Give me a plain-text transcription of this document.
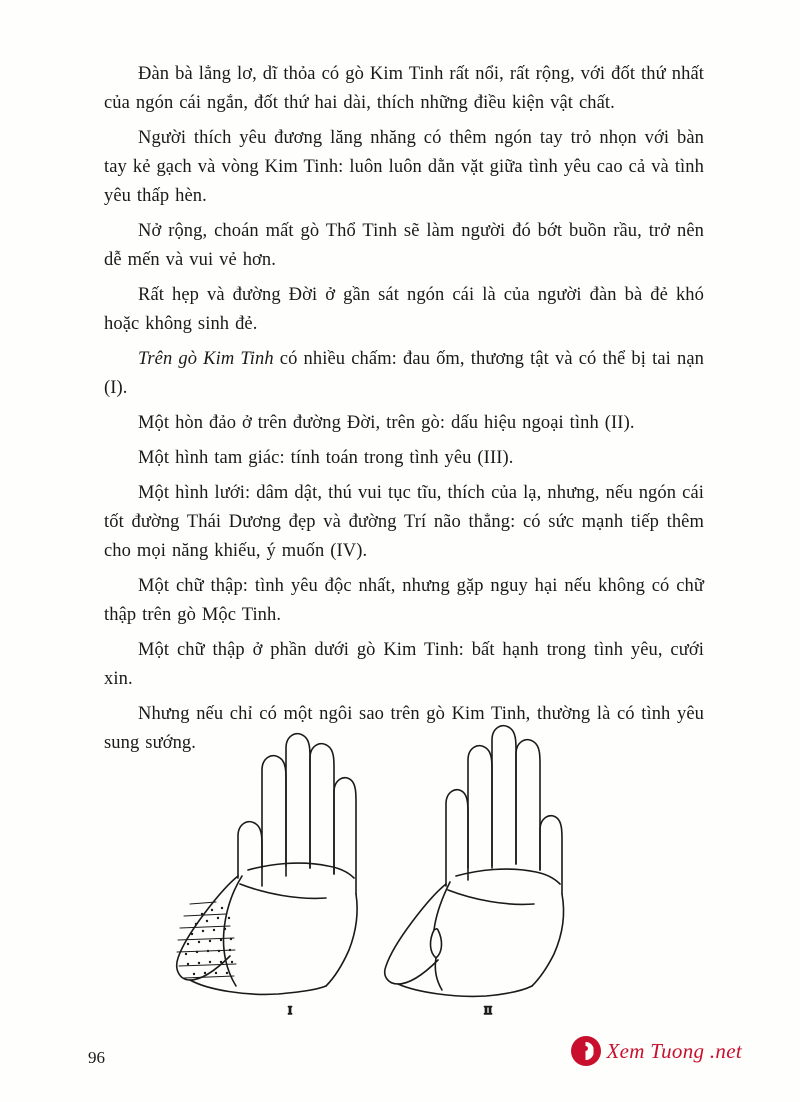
Đàn bà lẳng lơ, dĩ thỏa có gò Kim Tinh rất nổi, rất rộng, với đốt thứ nhất của ngón cái ngắn, đốt thứ hai dài, thích những điều kiện vật chất.

Người thích yêu đương lăng nhăng có thêm ngón tay trỏ nhọn với bàn tay kẻ gạch và vòng Kim Tinh: luôn luôn dằn vặt giữa tình yêu cao cả và tình yêu thấp hèn.

Nở rộng, choán mất gò Thổ Tinh sẽ làm người đó bớt buồn rầu, trở nên dễ mến và vui vẻ hơn.

Rất hẹp và đường Đời ở gần sát ngón cái là của người đàn bà đẻ khó hoặc không sinh đẻ.

Trên gò Kim Tinh có nhiều chấm: đau ốm, thương tật và có thể bị tai nạn (I).

Một hòn đảo ở trên đường Đời, trên gò: dấu hiệu ngoại tình (II).

Một hình tam giác: tính toán trong tình yêu (III).

Một hình lưới: dâm dật, thú vui tục tĩu, thích của lạ, nhưng, nếu ngón cái tốt đường Thái Dương đẹp và đường Trí não thẳng: có sức mạnh tiếp thêm cho mọi năng khiếu, ý muốn (IV).

Một chữ thập: tình yêu độc nhất, nhưng gặp nguy hại nếu không có chữ thập trên gò Mộc Tinh.

Một chữ thập ở phần dưới gò Kim Tinh: bất hạnh trong tình yêu, cưới xin.

Nhưng nếu chỉ có một ngôi sao trên gò Kim Tinh, thường là có tình yêu sung sướng.

I	II
96	Xem Tuong .net
